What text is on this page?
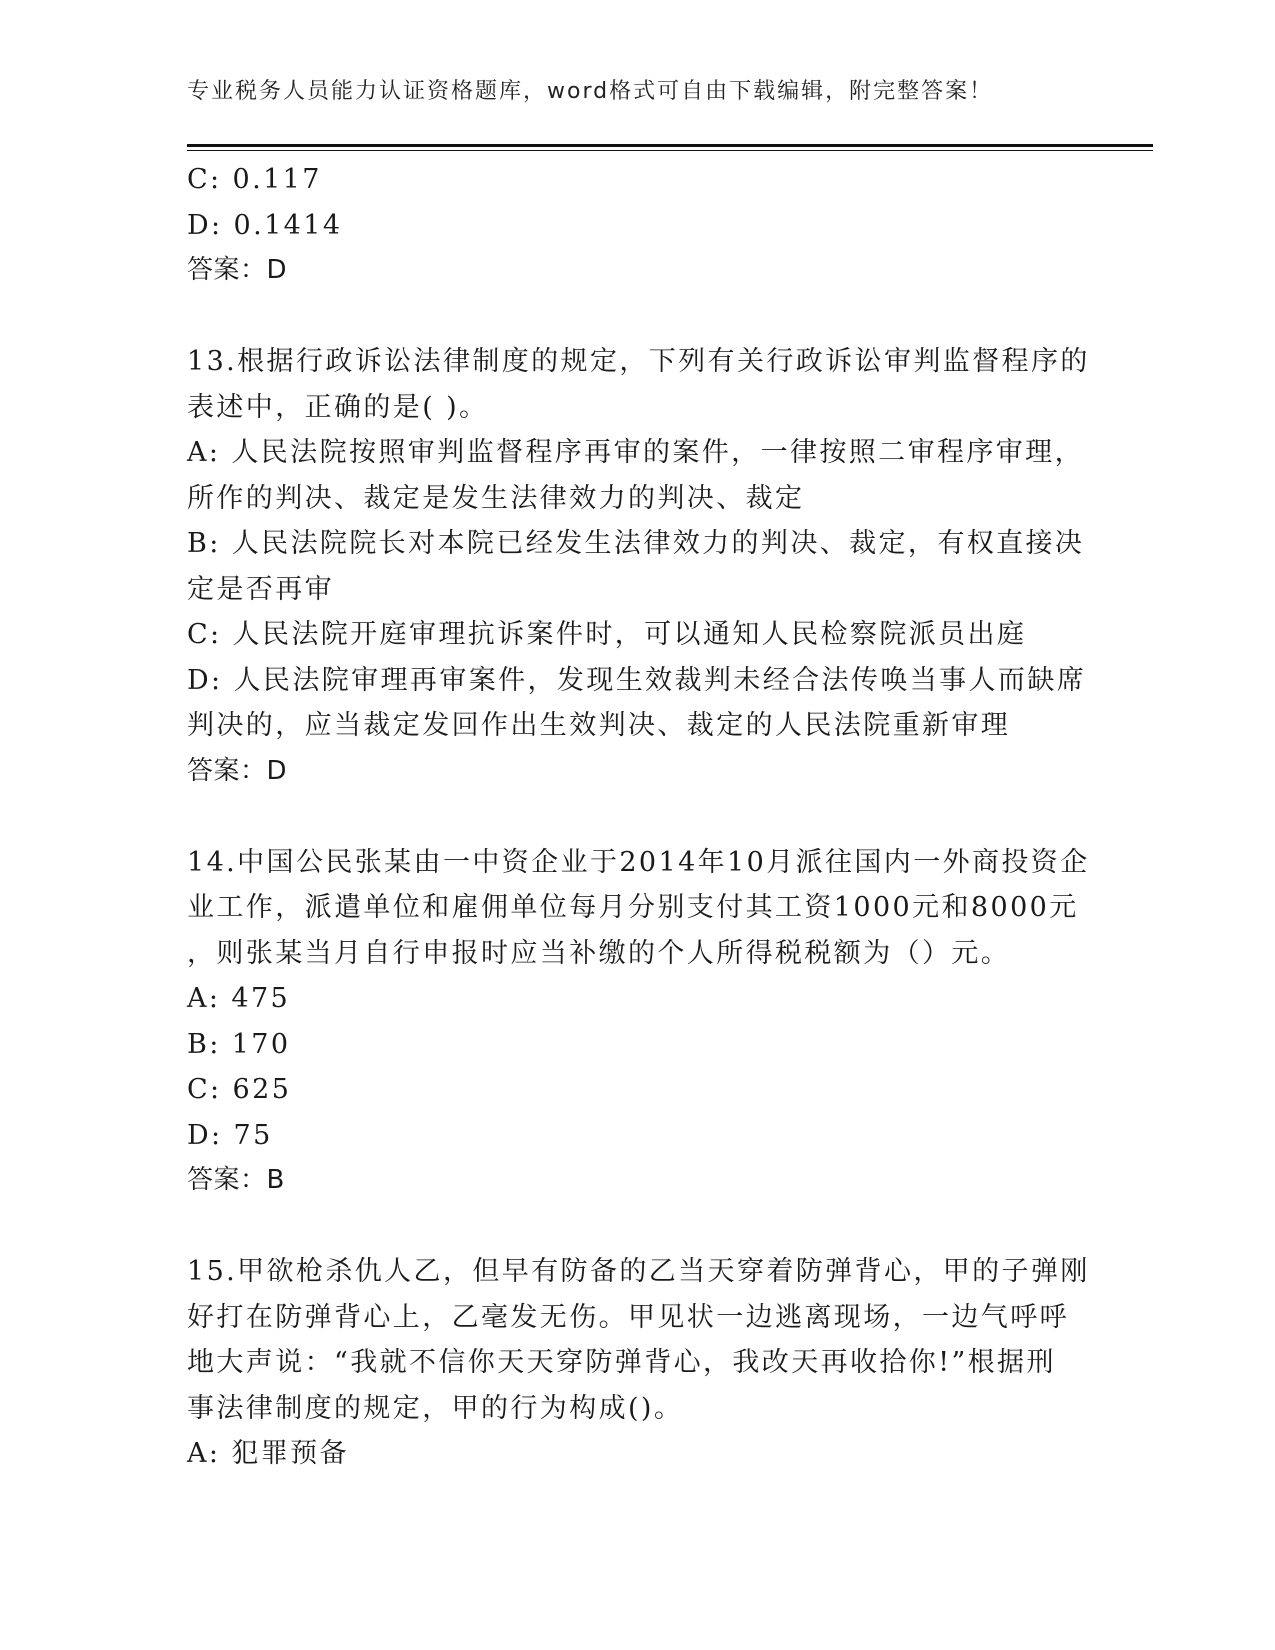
专业税务人员能力认证资格题库，word格式可自由下载编辑，附完整答案！
C: 0.117
D: 0.1414
答案：D
13.根据行政诉讼法律制度的规定，下列有关行政诉讼审判监督程序的
表述中，正确的是( )。
A: 人民法院按照审判监督程序再审的案件，一律按照二审程序审理，
所作的判决、裁定是发生法律效力的判决、裁定
B: 人民法院院长对本院已经发生法律效力的判决、裁定，有权直接决
定是否再审
C: 人民法院开庭审理抗诉案件时，可以通知人民检察院派员出庭
D: 人民法院审理再审案件，发现生效裁判未经合法传唤当事人而缺席
判决的，应当裁定发回作出生效判决、裁定的人民法院重新审理
答案：D
14.中国公民张某由一中资企业于2014年10月派往国内一外商投资企
业工作，派遣单位和雇佣单位每月分别支付其工资1000元和8000元
，则张某当月自行申报时应当补缴的个人所得税税额为（）元。
A: 475
B: 170
C: 625
D: 75
答案：B
15.甲欲枪杀仇人乙，但早有防备的乙当天穿着防弹背心，甲的子弹刚
好打在防弹背心上，乙毫发无伤。甲见状一边逃离现场，一边气呼呼
地大声说：“我就不信你天天穿防弹背心，我改天再收拾你!”根据刑
事法律制度的规定，甲的行为构成()。
A: 犯罪预备
